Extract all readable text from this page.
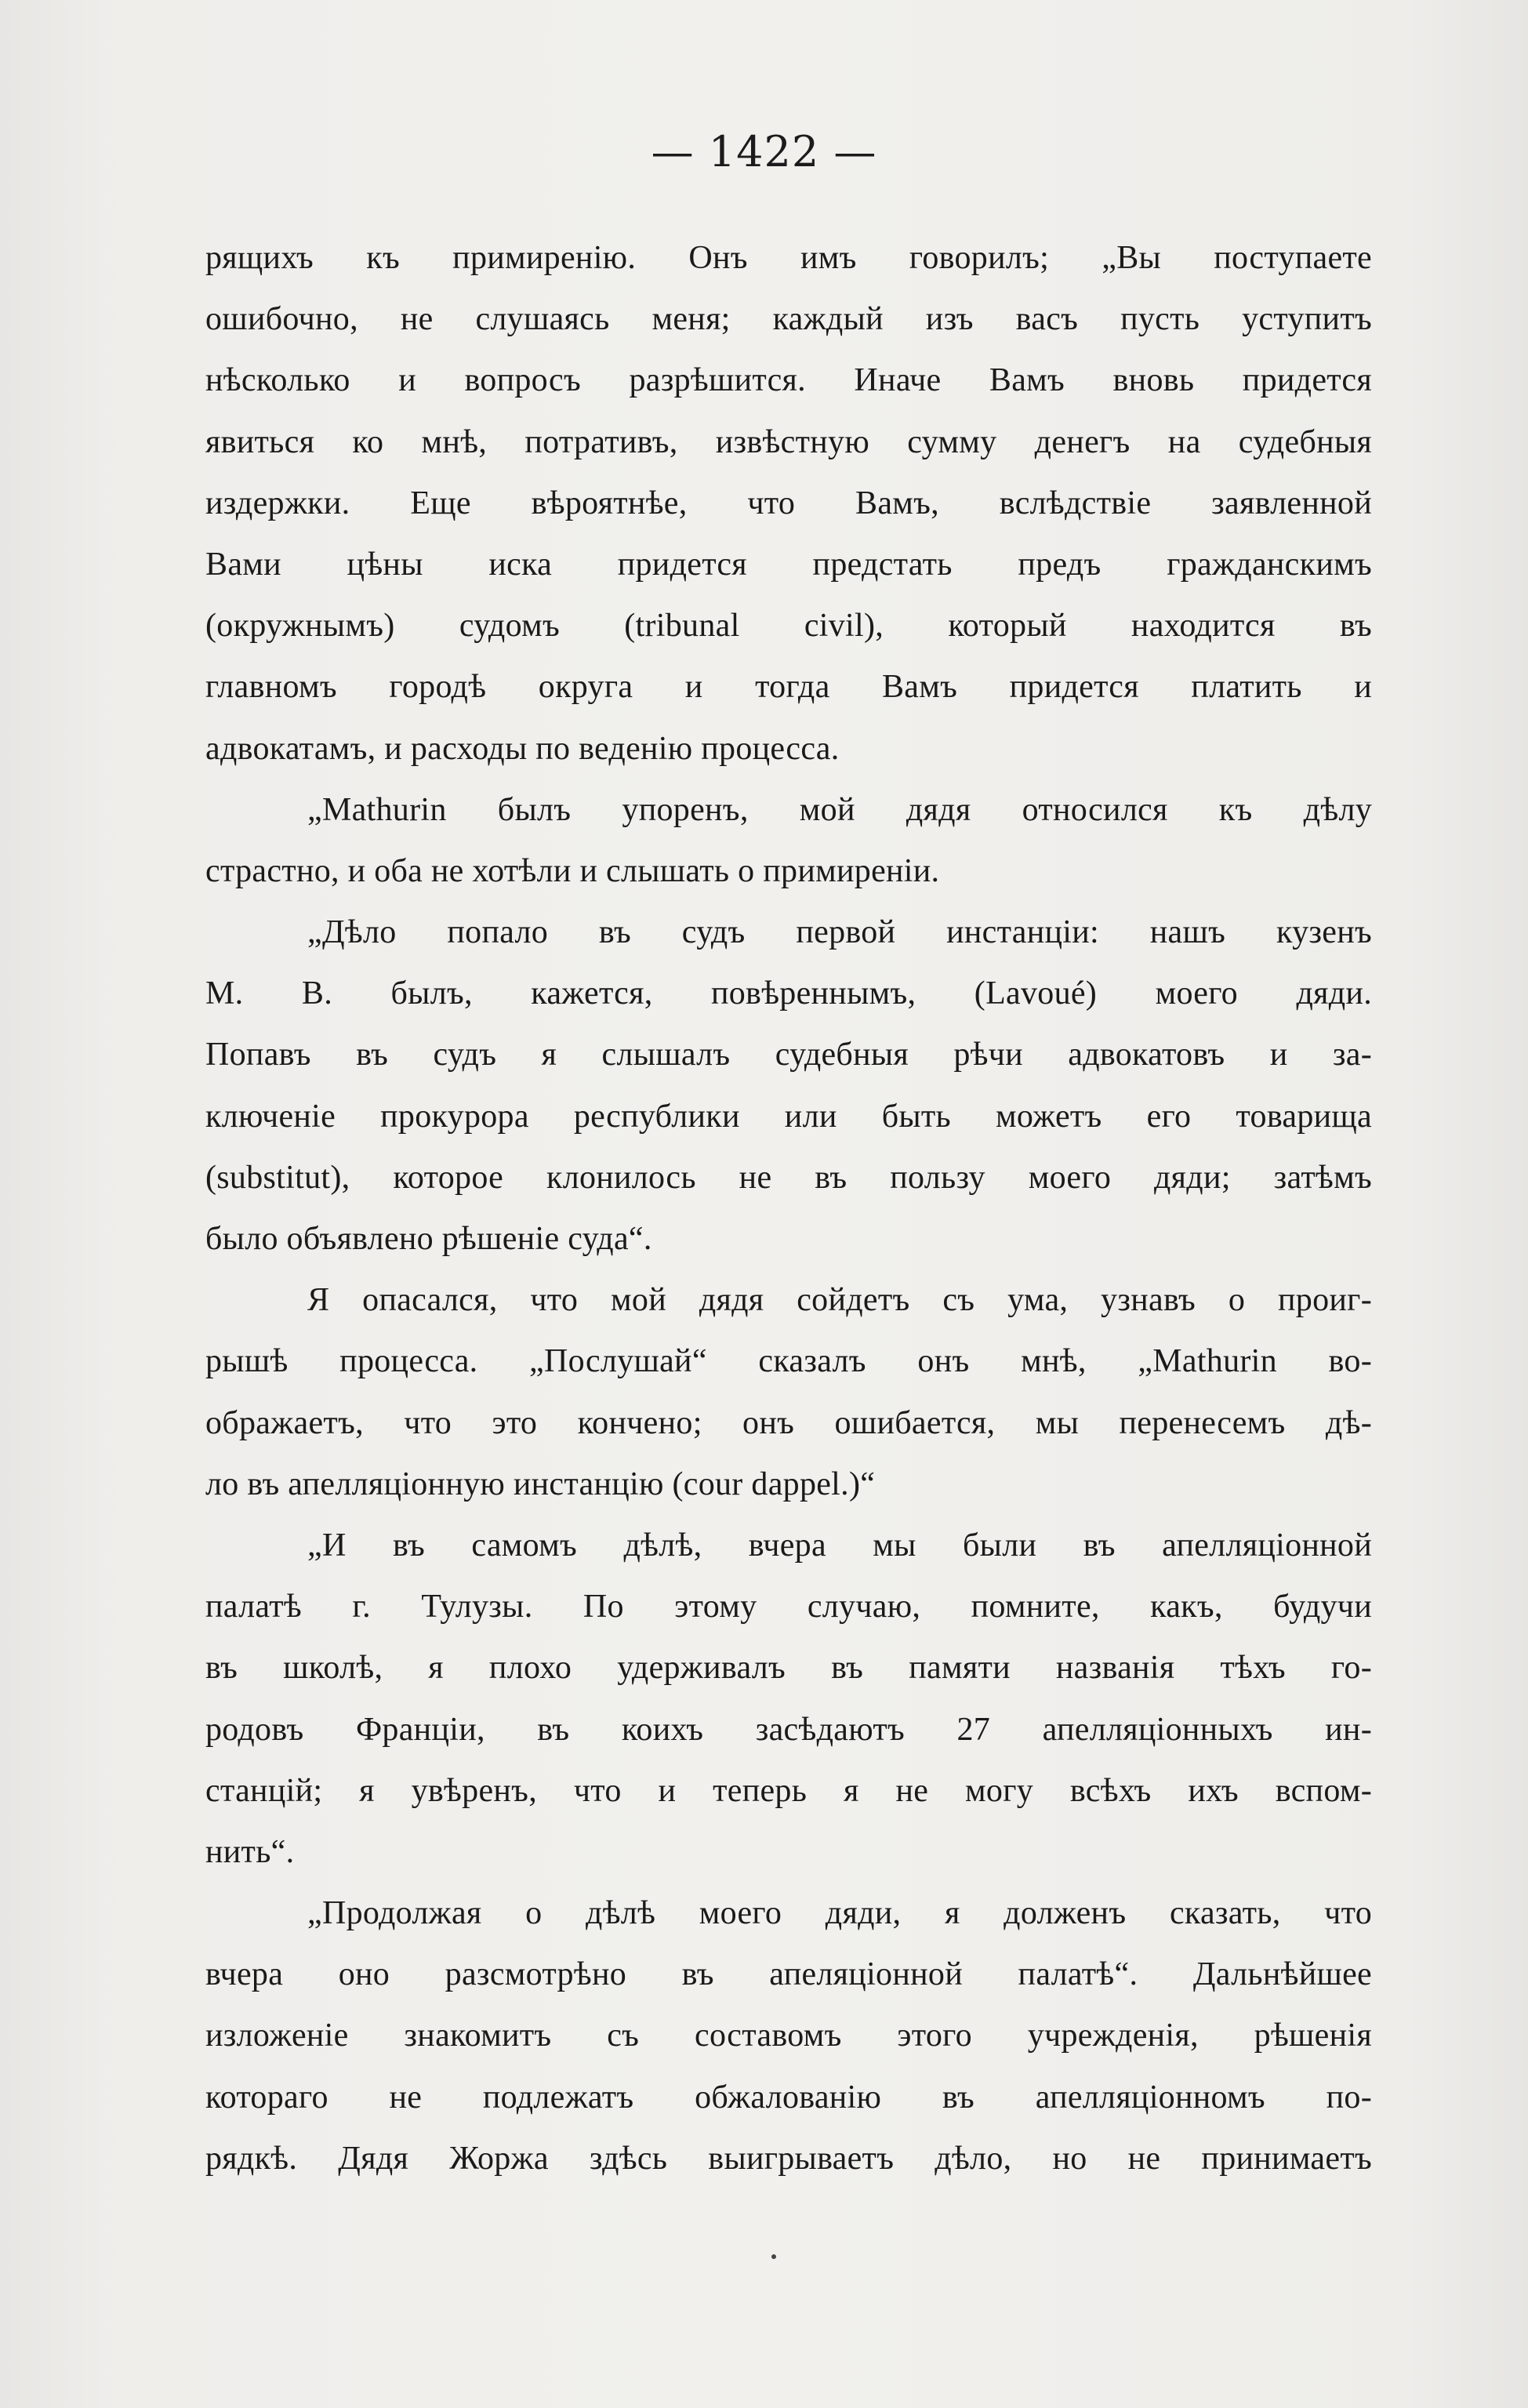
— 1422 —
рящихъ къ примиренію. Онъ имъ говорилъ; „Вы поступаете
ошибочно, не слушаясь меня; каждый изъ васъ пусть уступитъ
нѣсколько и вопросъ разрѣшится. Иначе Вамъ вновь придется
явиться ко мнѣ, потративъ, извѣстную сумму денегъ на судебныя
издержки. Еще вѣроятнѣе, что Вамъ, вслѣдствіе заявленной
Вами цѣны иска придется предстать предъ гражданскимъ
(окружнымъ) судомъ (tribunal civil), который находится въ
главномъ городѣ округа и тогда Вамъ придется платить и
адвокатамъ, и расходы по веденію процесса.
„Mathurin былъ упоренъ, мой дядя относился къ дѣлу
страстно, и оба не хотѣли и слышать о примиреніи.
„Дѣло попало въ судъ первой инстанціи: нашъ кузенъ
М. В. былъ, кажется, повѣреннымъ, (Lavoué) моего дяди.
Попавъ въ судъ я слышалъ судебныя рѣчи адвокатовъ и за-
ключеніе прокурора республики или быть можетъ его товарища
(substitut), которое клонилось не въ пользу моего дяди; затѣмъ
было объявлено рѣшеніе суда“.
Я опасался, что мой дядя сойдетъ съ ума, узнавъ о проиг-
рышѣ процесса. „Послушай“ сказалъ онъ мнѣ, „Mathurin во-
ображаетъ, что это кончено; онъ ошибается, мы перенесемъ дѣ-
ло въ апелляціонную инстанцію (cour dappel.)“
„И въ самомъ дѣлѣ, вчера мы были въ апелляціонной
палатѣ г. Тулузы. По этому случаю, помните, какъ, будучи
въ школѣ, я плохо удерживалъ въ памяти названія тѣхъ го-
родовъ Франціи, въ коихъ засѣдаютъ 27 апелляціонныхъ ин-
станцій; я увѣренъ, что и теперь я не могу всѣхъ ихъ вспом-
нить“.
„Продолжая о дѣлѣ моего дяди, я долженъ сказать, что
вчера оно разсмотрѣно въ апеляціонной палатѣ“. Дальнѣйшее
изложеніе знакомитъ съ составомъ этого учрежденія, рѣшенія
котораго не подлежатъ обжалованію въ апелляціонномъ по-
рядкѣ. Дядя Жоржа здѣсь выигрываетъ дѣло, но не принимаетъ
